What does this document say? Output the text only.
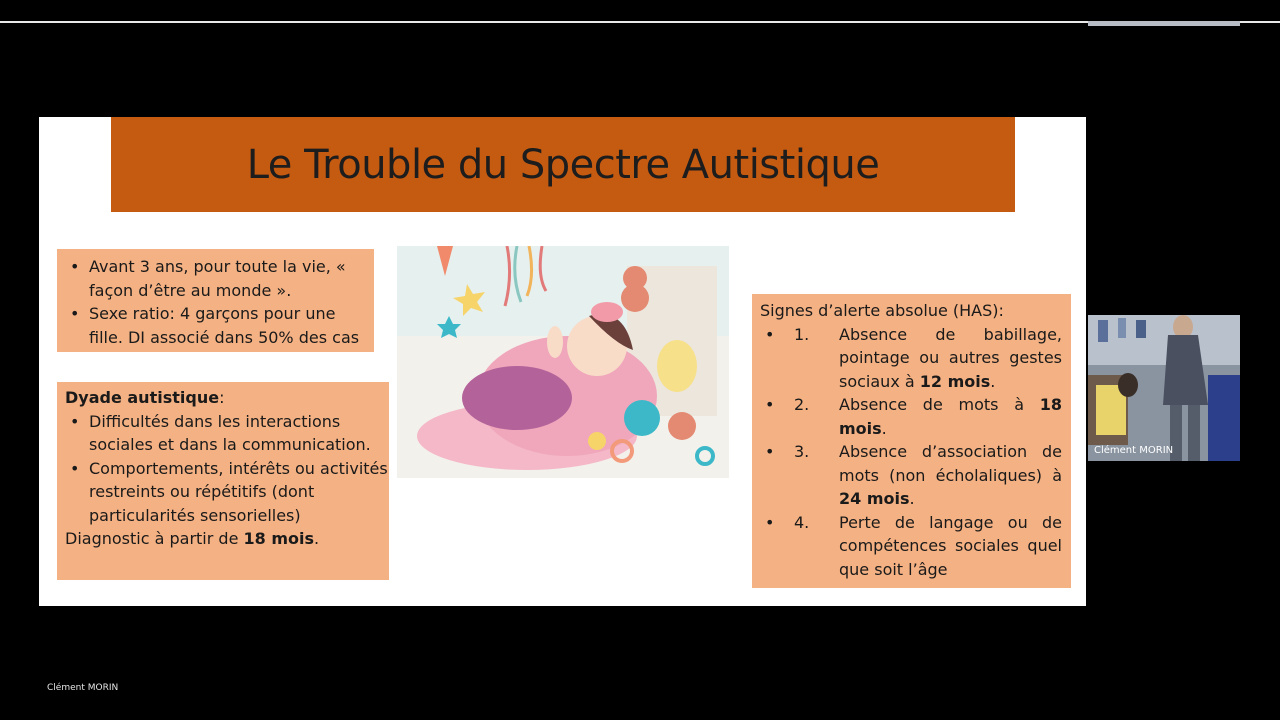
Le Trouble du Spectre Autistique
• Avant 3 ans, pour toute la vie, « façon d’être au monde ».
• Sexe ratio: 4 garçons pour une fille. DI associé dans 50% des cas
Dyade autistique:
• Difficultés dans les interactions sociales et dans la communication.
• Comportements, intérêts ou activités restreints ou répétitifs (dont particularités sensorielles)
Diagnostic à partir de 18 mois.
Signes d’alerte absolue (HAS):
• 1. Absence de babillage, pointage ou autres gestes sociaux à 12 mois.
• 2. Absence de mots à 18 mois.
• 3. Absence d’association de mots (non écholaliques) à 24 mois.
• 4. Perte de langage ou de compétences sociales quel que soit l’âge
Clément MORIN
Clément MORIN
